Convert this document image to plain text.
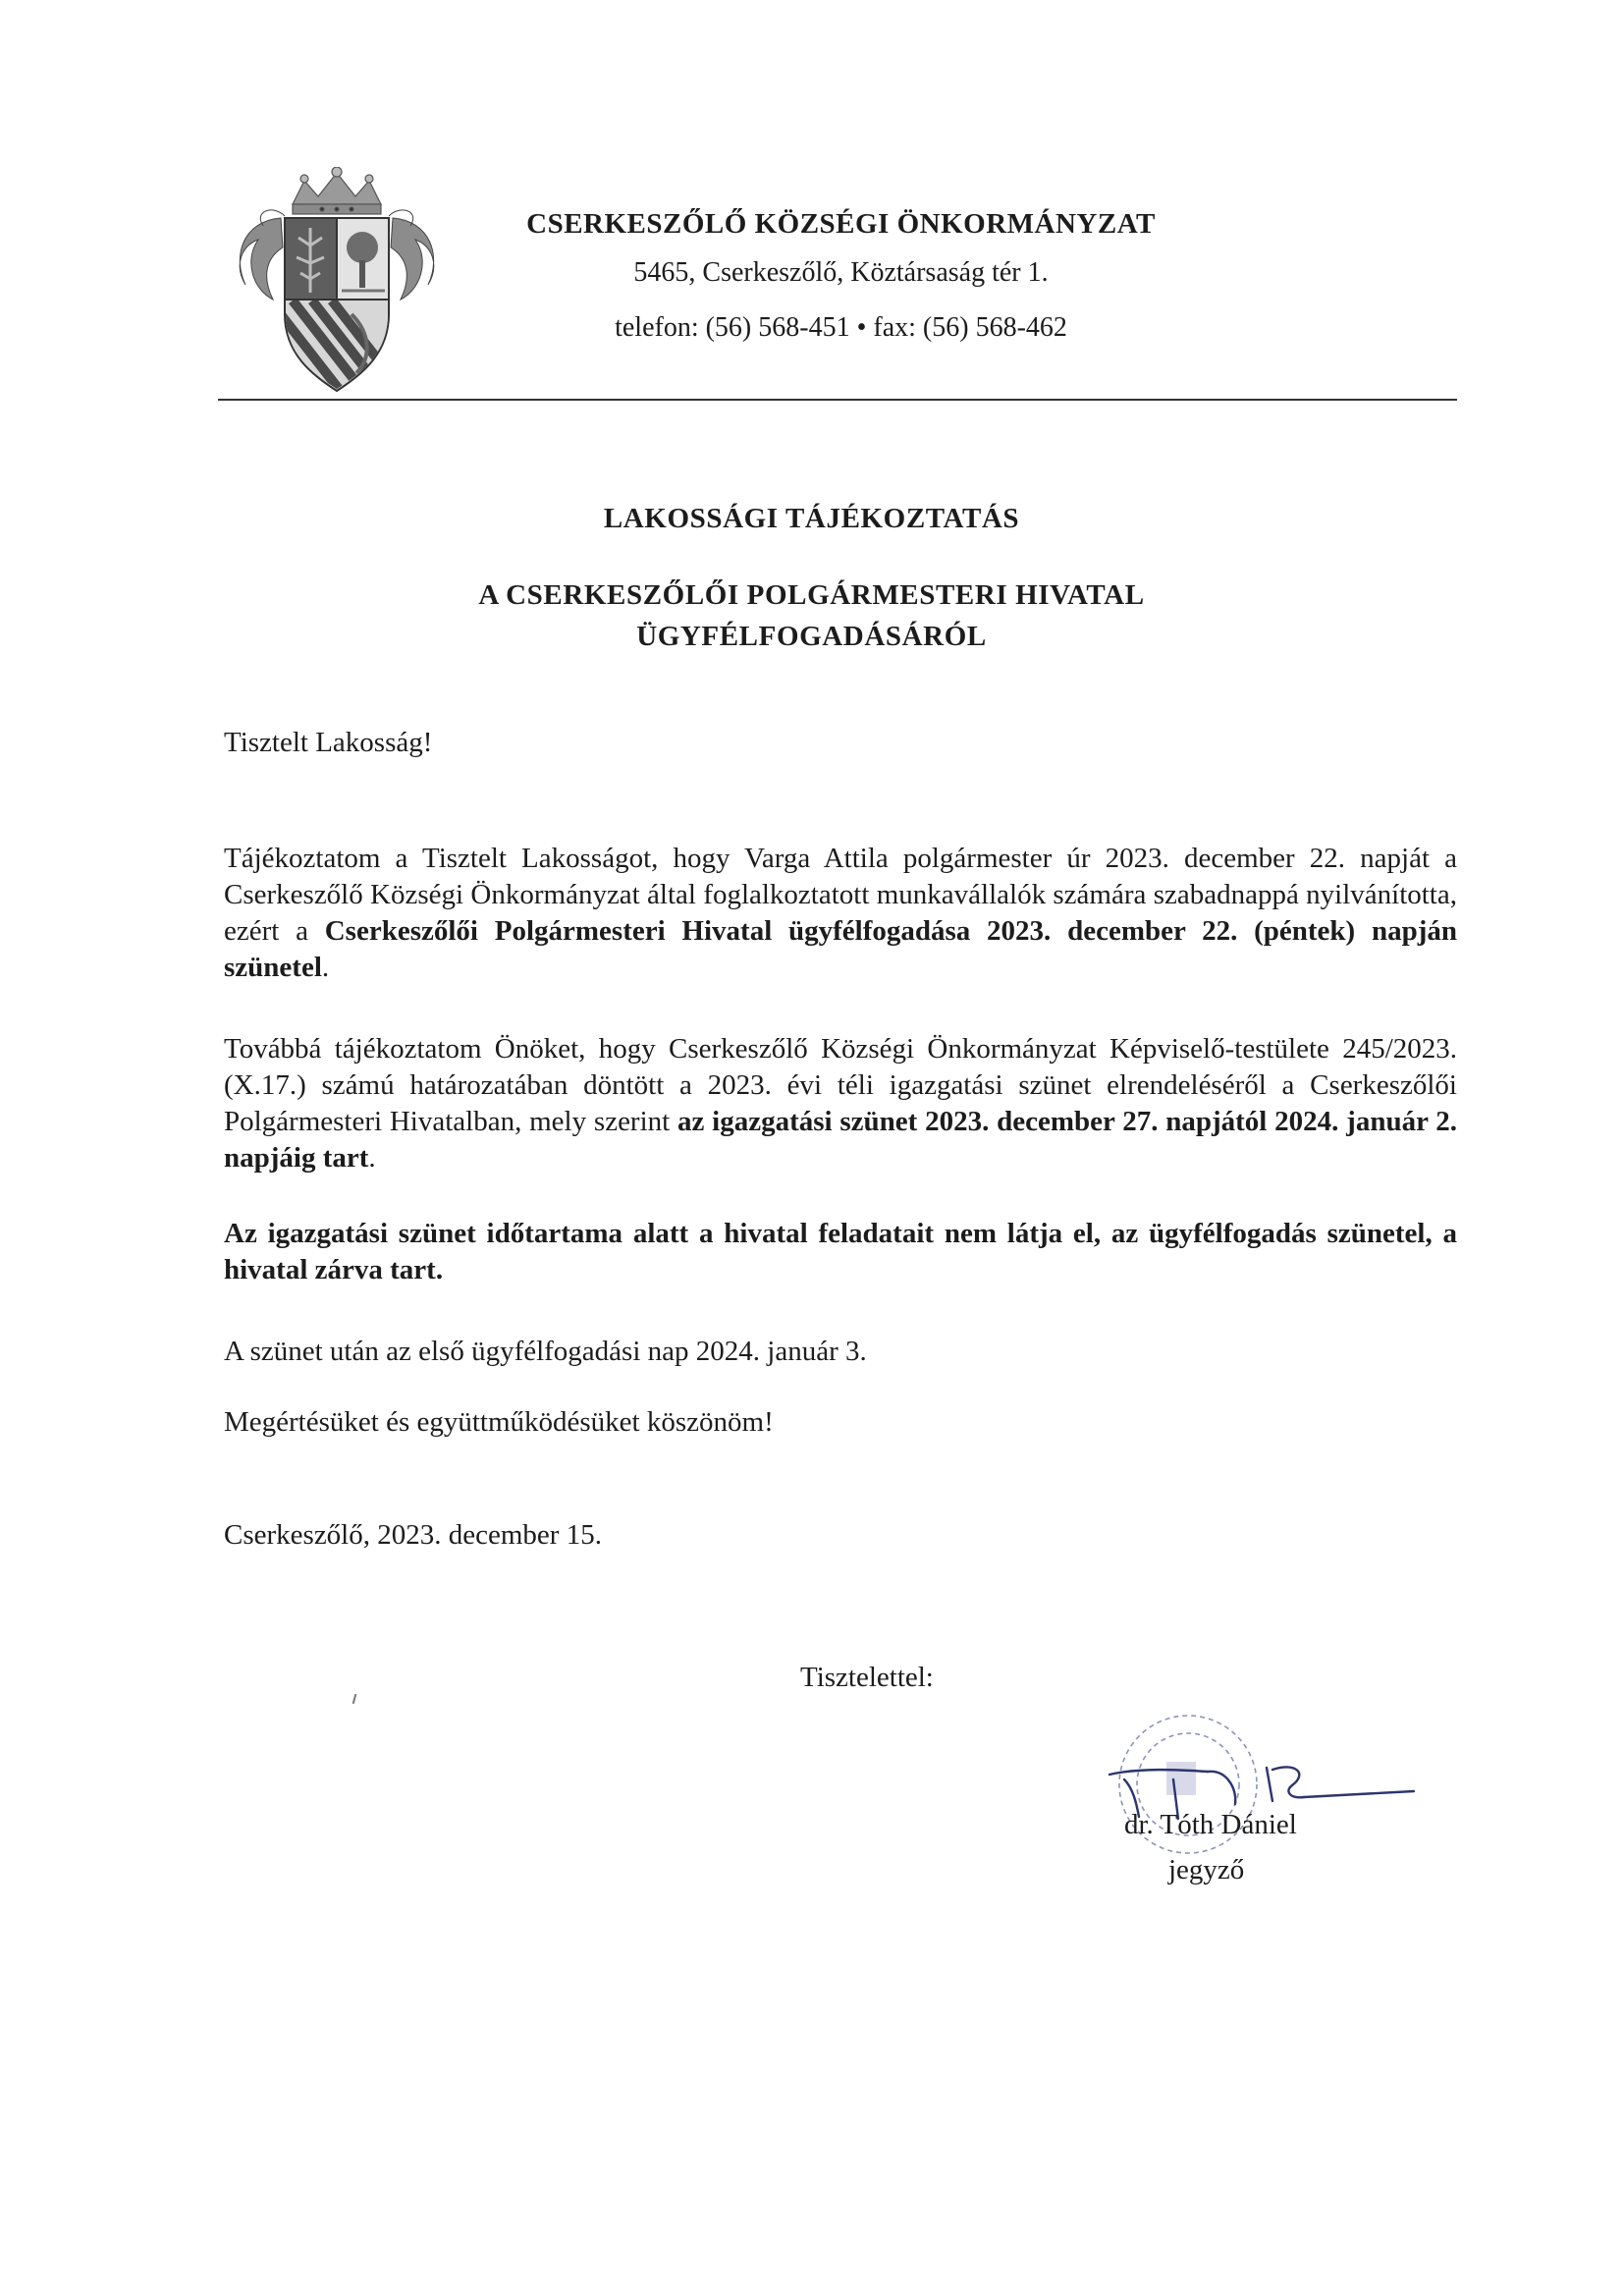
CSERKESZŐLŐ KÖZSÉGI ÖNKORMÁNYZAT
5465, Cserkeszőlő, Köztársaság tér 1.
telefon: (56) 568-451 • fax: (56) 568-462
LAKOSSÁGI TÁJÉKOZTATÁS
A CSERKESZŐLŐI POLGÁRMESTERI HIVATAL
ÜGYFÉLFOGADÁSÁRÓL
Tisztelt Lakosság!
Tájékoztatom a Tisztelt Lakosságot, hogy Varga Attila polgármester úr 2023. december 22. napját a Cserkeszőlő Községi Önkormányzat által foglalkoztatott munkavállalók számára szabadnappá nyilvánította, ezért a Cserkeszőlői Polgármesteri Hivatal ügyfélfogadása 2023. december 22. (péntek) napján szünetel.
Továbbá tájékoztatom Önöket, hogy Cserkeszőlő Községi Önkormányzat Képviselő-testülete 245/2023.(X.17.) számú határozatában döntött a 2023. évi téli igazgatási szünet elrendeléséről a Cserkeszőlői Polgármesteri Hivatalban, mely szerint az igazgatási szünet 2023. december 27. napjától 2024. január 2. napjáig tart.
Az igazgatási szünet időtartama alatt a hivatal feladatait nem látja el, az ügyfélfogadás szünetel, a hivatal zárva tart.
A szünet után az első ügyfélfogadási nap 2024. január 3.
Megértésüket és együttműködésüket köszönöm!
Cserkeszőlő, 2023. december 15.
Tisztelettel:
dr. Tóth Dániel
jegyző
